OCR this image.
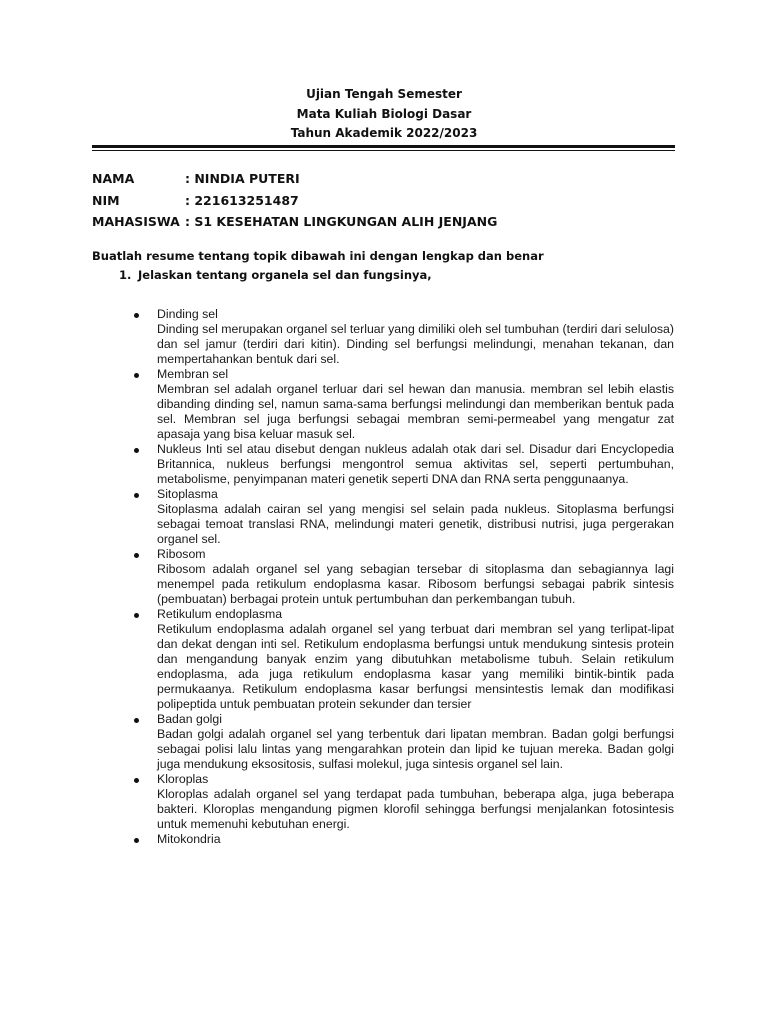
Ujian Tengah Semester
Mata Kuliah Biologi Dasar
Tahun Akademik 2022/2023
NAMA	: NINDIA PUTERI
NIM	: 221613251487
MAHASISWA : S1 KESEHATAN LINGKUNGAN ALIH JENJANG
Buatlah resume tentang topik dibawah ini dengan lengkap dan benar
1. Jelaskan tentang organela sel dan fungsinya,
Dinding sel
Dinding sel merupakan organel sel terluar yang dimiliki oleh sel tumbuhan (terdiri dari selulosa) dan sel jamur (terdiri dari kitin). Dinding sel berfungsi melindungi, menahan tekanan, dan mempertahankan bentuk dari sel.
Membran sel
Membran sel adalah organel terluar dari sel hewan dan manusia. membran sel lebih elastis dibanding dinding sel, namun sama-sama berfungsi melindungi dan memberikan bentuk pada sel. Membran sel juga berfungsi sebagai membran semi-permeabel yang mengatur zat apasaja yang bisa keluar masuk sel.
Nukleus Inti sel atau disebut dengan nukleus adalah otak dari sel. Disadur dari Encyclopedia Britannica, nukleus berfungsi mengontrol semua aktivitas sel, seperti pertumbuhan, metabolisme, penyimpanan materi genetik seperti DNA dan RNA serta penggunaanya.
Sitoplasma
Sitoplasma adalah cairan sel yang mengisi sel selain pada nukleus. Sitoplasma berfungsi sebagai temoat translasi RNA, melindungi materi genetik, distribusi nutrisi, juga pergerakan organel sel.
Ribosom
Ribosom adalah organel sel yang sebagian tersebar di sitoplasma dan sebagiannya lagi menempel pada retikulum endoplasma kasar. Ribosom berfungsi sebagai pabrik sintesis (pembuatan) berbagai protein untuk pertumbuhan dan perkembangan tubuh.
Retikulum endoplasma
Retikulum endoplasma adalah organel sel yang terbuat dari membran sel yang terlipat-lipat dan dekat dengan inti sel. Retikulum endoplasma berfungsi untuk mendukung sintesis protein dan mengandung banyak enzim yang dibutuhkan metabolisme tubuh. Selain retikulum endoplasma, ada juga retikulum endoplasma kasar yang memiliki bintik-bintik pada permukaanya. Retikulum endoplasma kasar berfungsi mensintestis lemak dan modifikasi polipeptida untuk pembuatan protein sekunder dan tersier
Badan golgi
Badan golgi adalah organel sel yang terbentuk dari lipatan membran. Badan golgi berfungsi sebagai polisi lalu lintas yang mengarahkan protein dan lipid ke tujuan mereka. Badan golgi juga mendukung eksositosis, sulfasi molekul, juga sintesis organel sel lain.
Kloroplas
Kloroplas adalah organel sel yang terdapat pada tumbuhan, beberapa alga, juga beberapa bakteri. Kloroplas mengandung pigmen klorofil sehingga berfungsi menjalankan fotosintesis untuk memenuhi kebutuhan energi.
Mitokondria
